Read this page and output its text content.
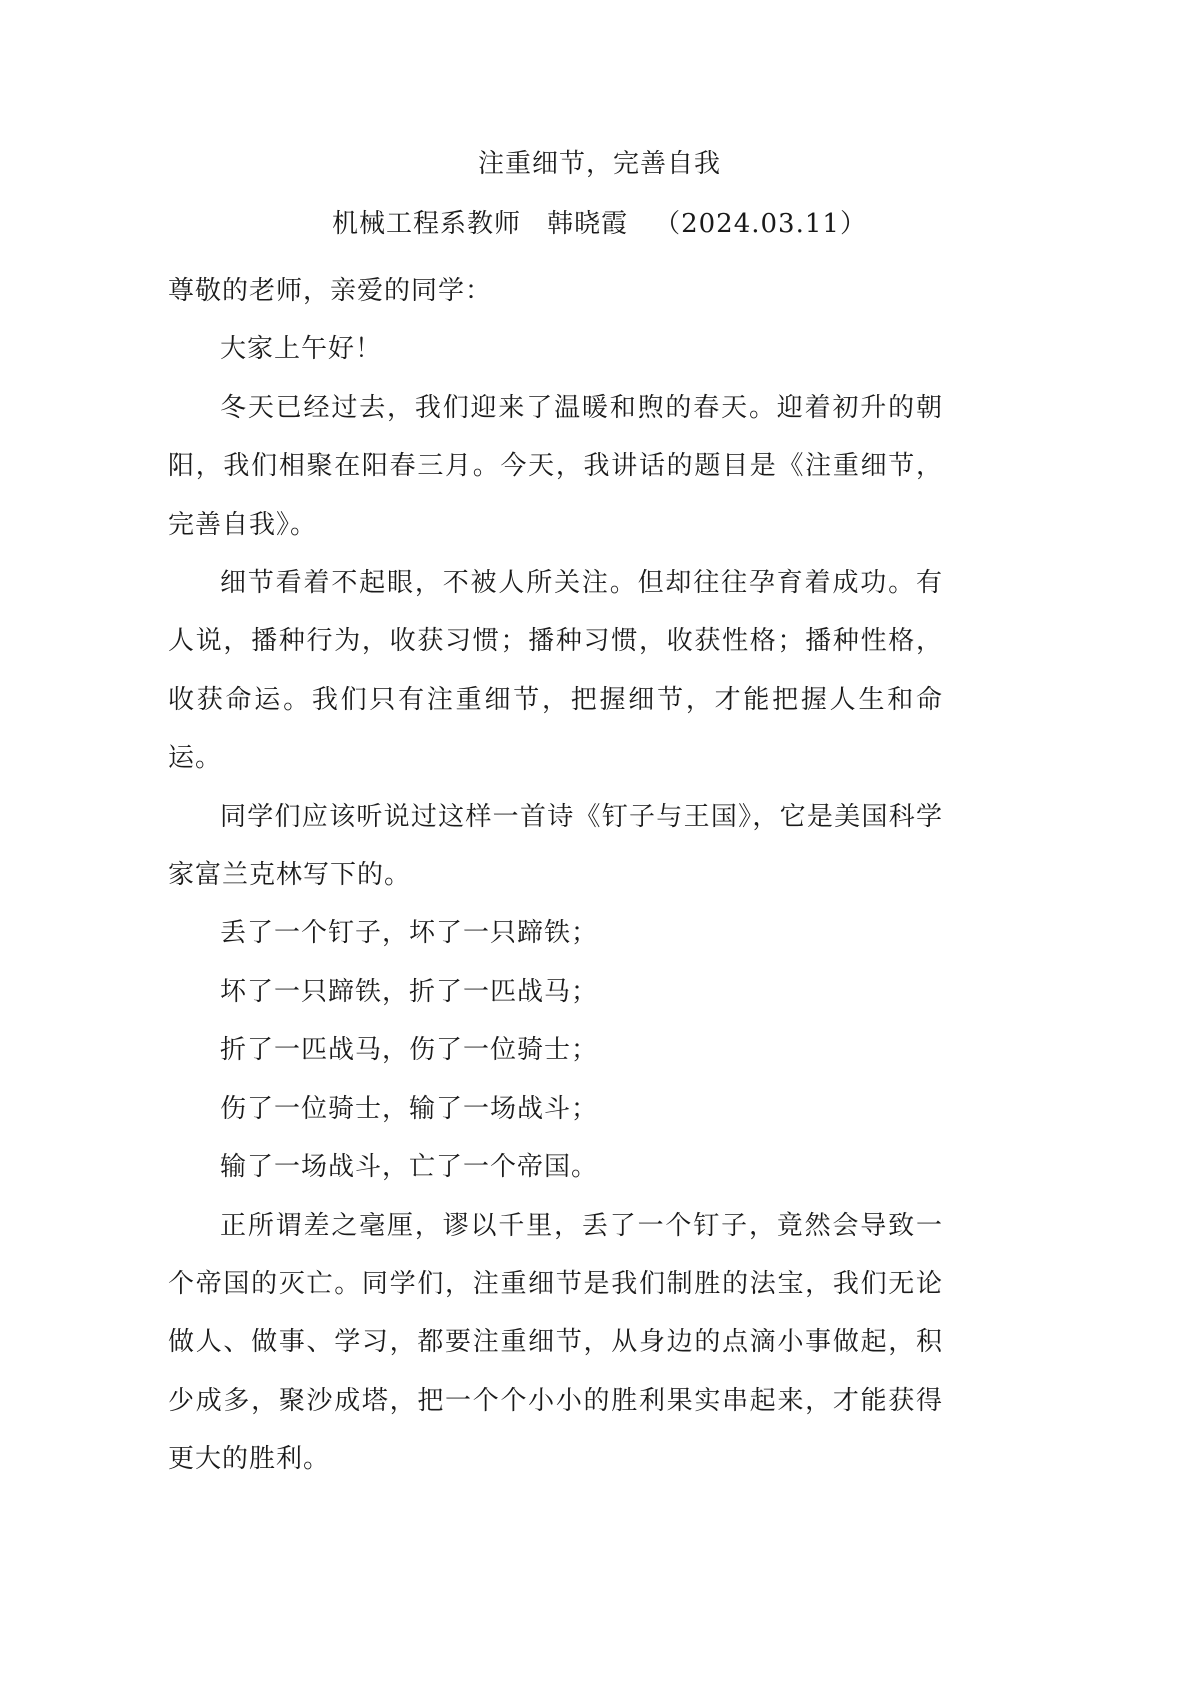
注重细节，完善自我
机械工程系教师 韩晓霞 （2024.03.11）

尊敬的老师，亲爱的同学：

大家上午好！

冬天已经过去，我们迎来了温暖和煦的春天。迎着初升的朝阳，我们相聚在阳春三月。今天，我讲话的题目是《注重细节，完善自我》。

细节看着不起眼，不被人所关注。但却往往孕育着成功。有人说，播种行为，收获习惯；播种习惯，收获性格；播种性格，收获命运。我们只有注重细节，把握细节，才能把握人生和命运。

同学们应该听说过这样一首诗《钉子与王国》，它是美国科学家富兰克林写下的。

丢了一个钉子，坏了一只蹄铁；

坏了一只蹄铁，折了一匹战马；

折了一匹战马，伤了一位骑士；

伤了一位骑士，输了一场战斗；

输了一场战斗，亡了一个帝国。

正所谓差之毫厘，谬以千里，丢了一个钉子，竟然会导致一个帝国的灭亡。同学们，注重细节是我们制胜的法宝，我们无论做人、做事、学习，都要注重细节，从身边的点滴小事做起，积少成多，聚沙成塔，把一个个小小的胜利果实串起来，才能获得更大的胜利。
